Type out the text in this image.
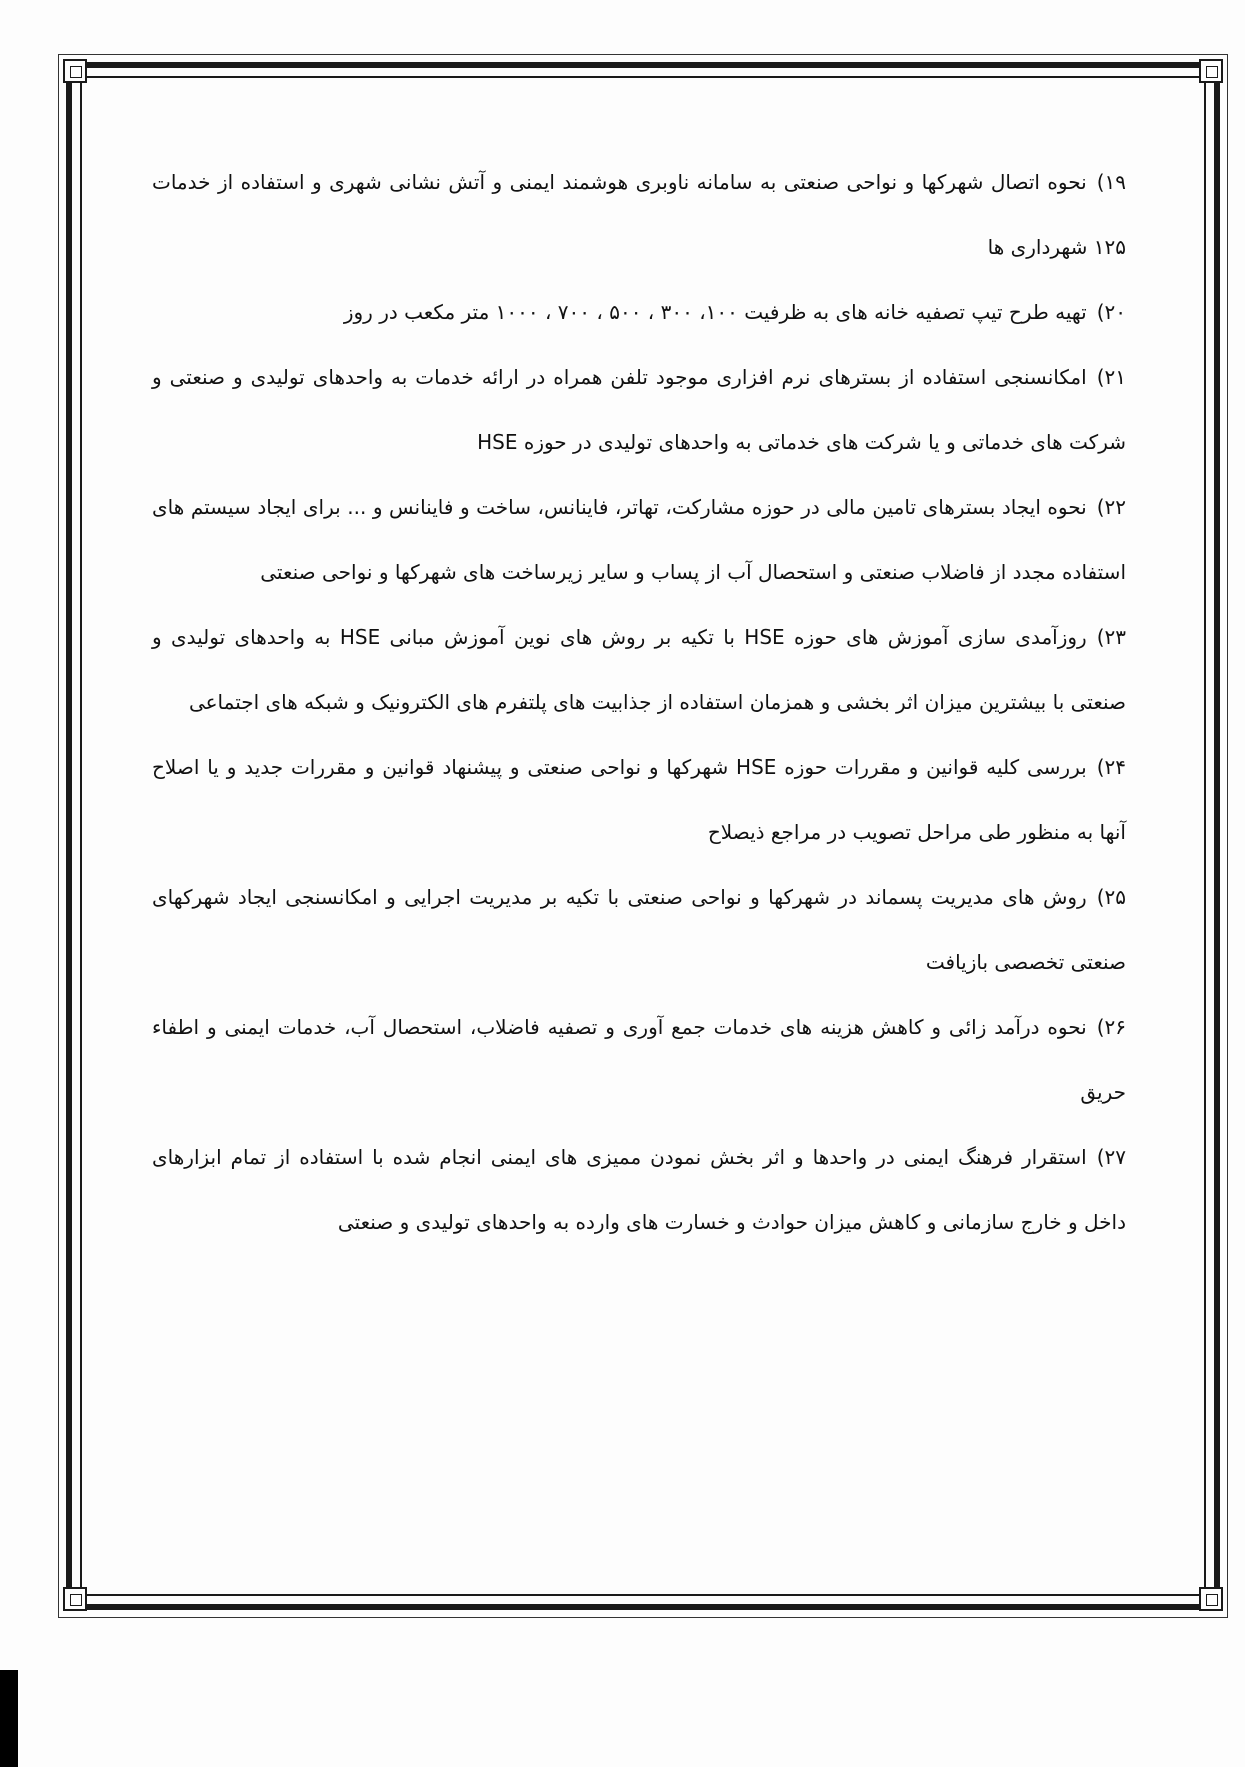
۱۹)نحوه اتصال شهرکها و نواحی صنعتی به سامانه ناوبری هوشمند ایمنی و آتش نشانی شهری و استفاده از خدمات ۱۲۵ شهرداری ها

۲۰)تهیه طرح تیپ تصفیه خانه های به ظرفیت ۱۰۰، ۳۰۰ ، ۵۰۰ ، ۷۰۰ ، ۱۰۰۰ متر مکعب در روز

۲۱)امکانسنجی استفاده از بسترهای نرم افزاری موجود تلفن همراه در ارائه خدمات به واحدهای تولیدی و صنعتی و شرکت های خدماتی و یا شرکت های خدماتی به واحدهای تولیدی در حوزه HSE

۲۲)نحوه ایجاد بسترهای تامین مالی در حوزه مشارکت، تهاتر، فاینانس، ساخت و فاینانس و ... برای ایجاد سیستم های استفاده مجدد از فاضلاب صنعتی و استحصال آب از پساب و سایر زیرساخت های شهرکها و نواحی صنعتی

۲۳)روزآمدی سازی آموزش های حوزه HSE با تکیه بر روش های نوین آموزش مبانی HSE به واحدهای تولیدی و صنعتی با بیشترین میزان اثر بخشی و همزمان استفاده از جذابیت های پلتفرم های الکترونیک و شبکه های اجتماعی

۲۴)بررسی کلیه قوانین و مقررات حوزه HSE شهرکها و نواحی صنعتی و پیشنهاد قوانین و مقررات جدید و یا اصلاح آنها به منظور طی مراحل تصویب در مراجع ذیصلاح

۲۵)روش های مدیریت پسماند در شهرکها و نواحی صنعتی با تکیه بر مدیریت اجرایی و امکانسنجی ایجاد شهرکهای صنعتی تخصصی بازیافت

۲۶)نحوه درآمد زائی و کاهش هزینه های خدمات جمع آوری و تصفیه فاضلاب، استحصال آب، خدمات ایمنی و اطفاء حریق

۲۷)استقرار فرهنگ ایمنی در واحدها و اثر بخش نمودن ممیزی های ایمنی انجام شده با استفاده از تمام ابزارهای داخل و خارج سازمانی و کاهش میزان حوادث و خسارت های وارده به واحدهای تولیدی و صنعتی
